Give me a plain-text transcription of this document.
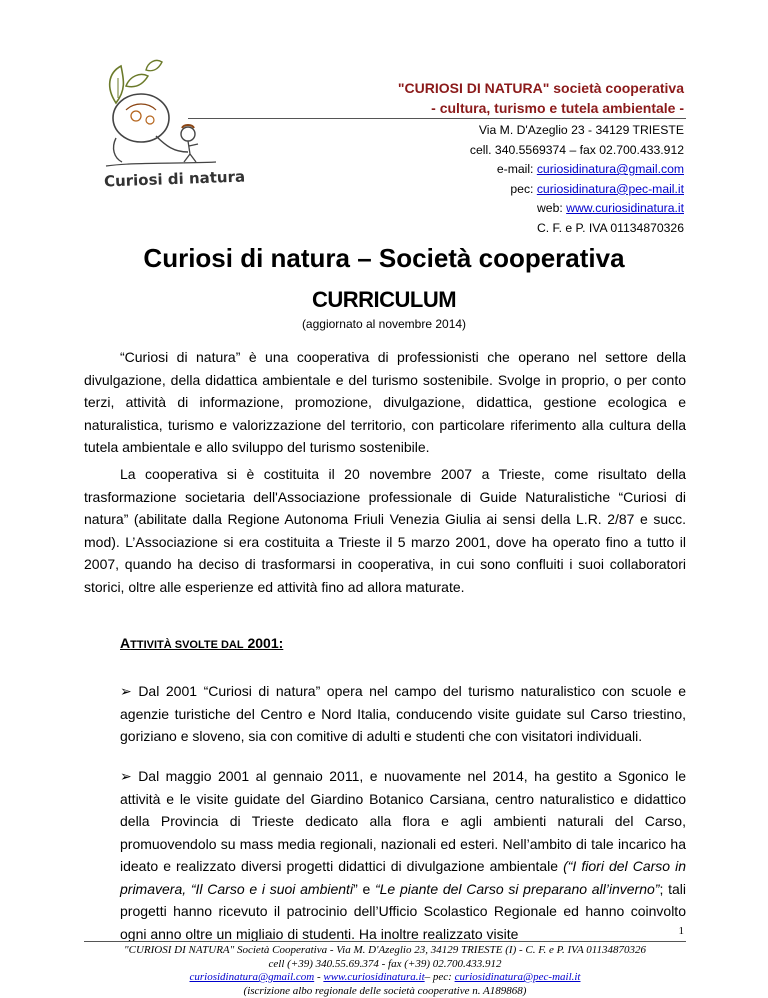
Curiosi di natura
"CURIOSI DI NATURA" società cooperativa
- cultura, turismo e tutela ambientale -
Via M. D'Azeglio 23 - 34129 TRIESTE
cell. 340.5569374 – fax 02.700.433.912
e-mail: curiosidinatura@gmail.com
pec: curiosidinatura@pec-mail.it
web: www.curiosidinatura.it
C. F. e P. IVA 01134870326
Curiosi di natura – Società cooperativa
CURRICULUM
(aggiornato al novembre 2014)
“Curiosi di natura” è una cooperativa di professionisti che operano nel settore della divulgazione, della didattica ambientale e del turismo sostenibile. Svolge in proprio, o per conto terzi, attività di informazione, promozione, divulgazione, didattica, gestione ecologica e naturalistica, turismo e valorizzazione del territorio, con particolare riferimento alla cultura della tutela ambientale e allo sviluppo del turismo sostenibile.
La cooperativa si è costituita il 20 novembre 2007 a Trieste, come risultato della trasformazione societaria dell'Associazione professionale di Guide Naturalistiche “Curiosi di natura” (abilitate dalla Regione Autonoma Friuli Venezia Giulia ai sensi della L.R. 2/87 e succ. mod). L’Associazione si era costituita a Trieste il 5 marzo 2001, dove ha operato fino a tutto il 2007, quando ha deciso di trasformarsi in cooperativa, in cui sono confluiti i suoi collaboratori storici, oltre alle esperienze ed attività fino ad allora maturate.
ATTIVITÀ SVOLTE DAL 2001:
➢ Dal 2001 “Curiosi di natura” opera nel campo del turismo naturalistico con scuole e agenzie turistiche del Centro e Nord Italia, conducendo visite guidate sul Carso triestino, goriziano e sloveno, sia con comitive di adulti e studenti che con visitatori individuali.
➢ Dal maggio 2001 al gennaio 2011, e nuovamente nel 2014, ha gestito a Sgonico le attività e le visite guidate del Giardino Botanico Carsiana, centro naturalistico e didattico della Provincia di Trieste dedicato alla flora e agli ambienti naturali del Carso, promuovendolo su mass media regionali, nazionali ed esteri. Nell’ambito di tale incarico ha ideato e realizzato diversi progetti didattici di divulgazione ambientale (“I fiori del Carso in primavera, “Il Carso e i suoi ambienti” e “Le piante del Carso si preparano all’inverno”; tali progetti hanno ricevuto il patrocinio dell’Ufficio Scolastico Regionale ed hanno coinvolto ogni anno oltre un migliaio di studenti. Ha inoltre realizzato visite	1
"CURIOSI DI NATURA" Società Cooperativa - Via M. D'Azeglio 23, 34129 TRIESTE (I) - C. F. e P. IVA 01134870326
cell (+39) 340.55.69.374 - fax (+39) 02.700.433.912
curiosidinatura@gmail.com - www.curiosidinatura.it– pec: curiosidinatura@pec-mail.it
(iscrizione albo regionale delle società cooperative n. A189868)
